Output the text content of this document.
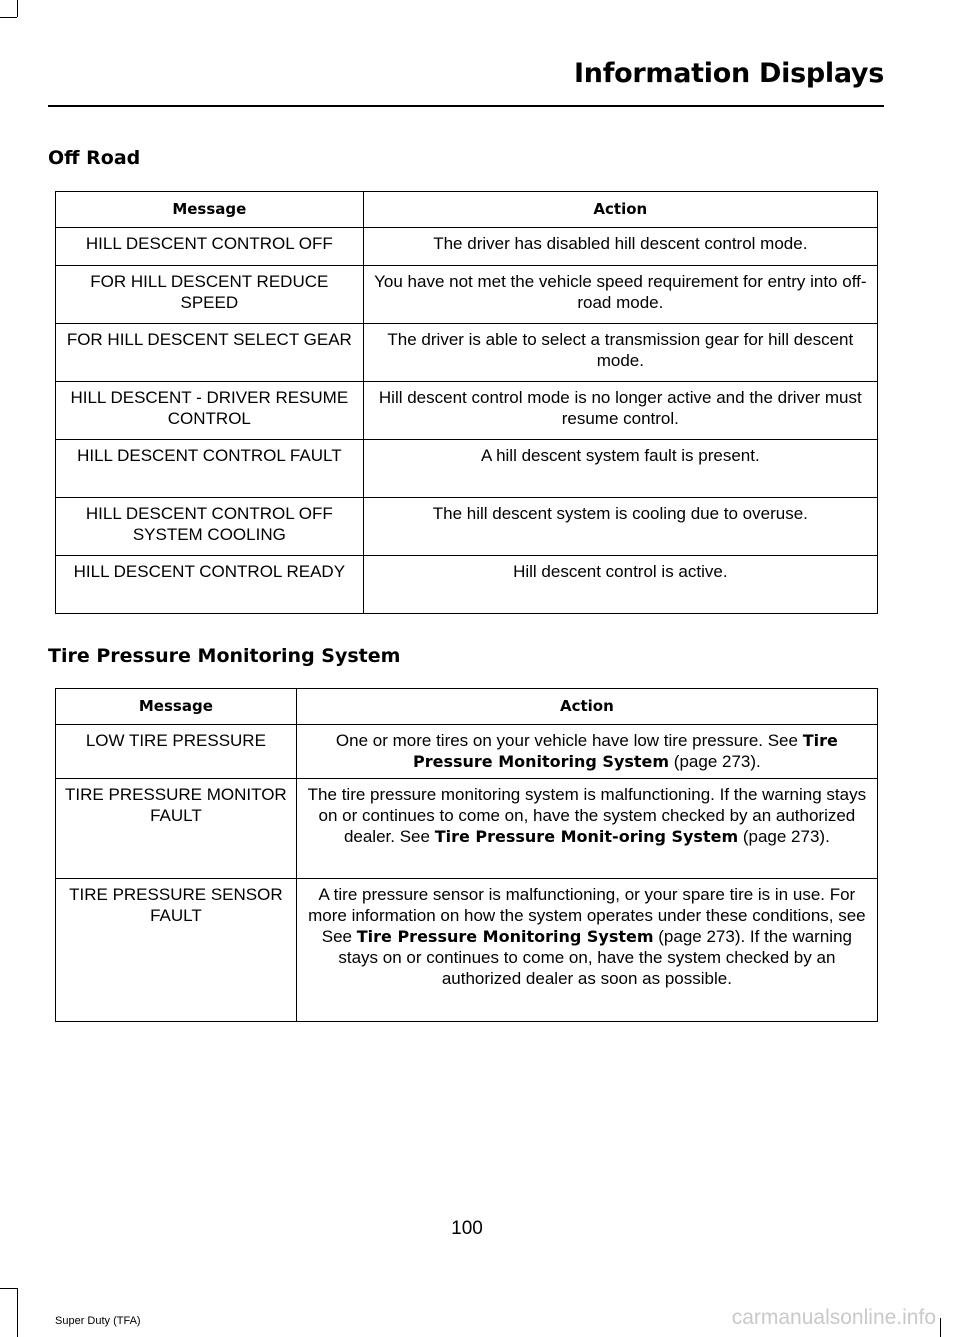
Information Displays
Off Road
Message	Action
HILL DESCENT CONTROL OFF	The driver has disabled hill descent control mode.
FOR HILL DESCENT REDUCE SPEED	You have not met the vehicle speed requirement for entry into off-road mode.
FOR HILL DESCENT SELECT GEAR	The driver is able to select a transmission gear for hill descent mode.
HILL DESCENT - DRIVER RESUME CONTROL	Hill descent control mode is no longer active and the driver must resume control.
HILL DESCENT CONTROL FAULT	A hill descent system fault is present.
HILL DESCENT CONTROL OFF SYSTEM COOLING	The hill descent system is cooling due to overuse.
HILL DESCENT CONTROL READY	Hill descent control is active.
Tire Pressure Monitoring System
Message	Action
LOW TIRE PRESSURE	One or more tires on your vehicle have low tire pressure. See Tire Pressure Monitoring System (page 273).
TIRE PRESSURE MONITOR FAULT	The tire pressure monitoring system is malfunctioning. If the warning stays on or continues to come on, have the system checked by an authorized dealer. See Tire Pressure Monit-oring System (page 273).
TIRE PRESSURE SENSOR FAULT	A tire pressure sensor is malfunctioning, or your spare tire is in use. For more information on how the system operates under these conditions, see See Tire Pressure Monitoring System (page 273). If the warning stays on or continues to come on, have the system checked by an authorized dealer as soon as possible.
100
Super Duty (TFA)	carmanualsonline.info
